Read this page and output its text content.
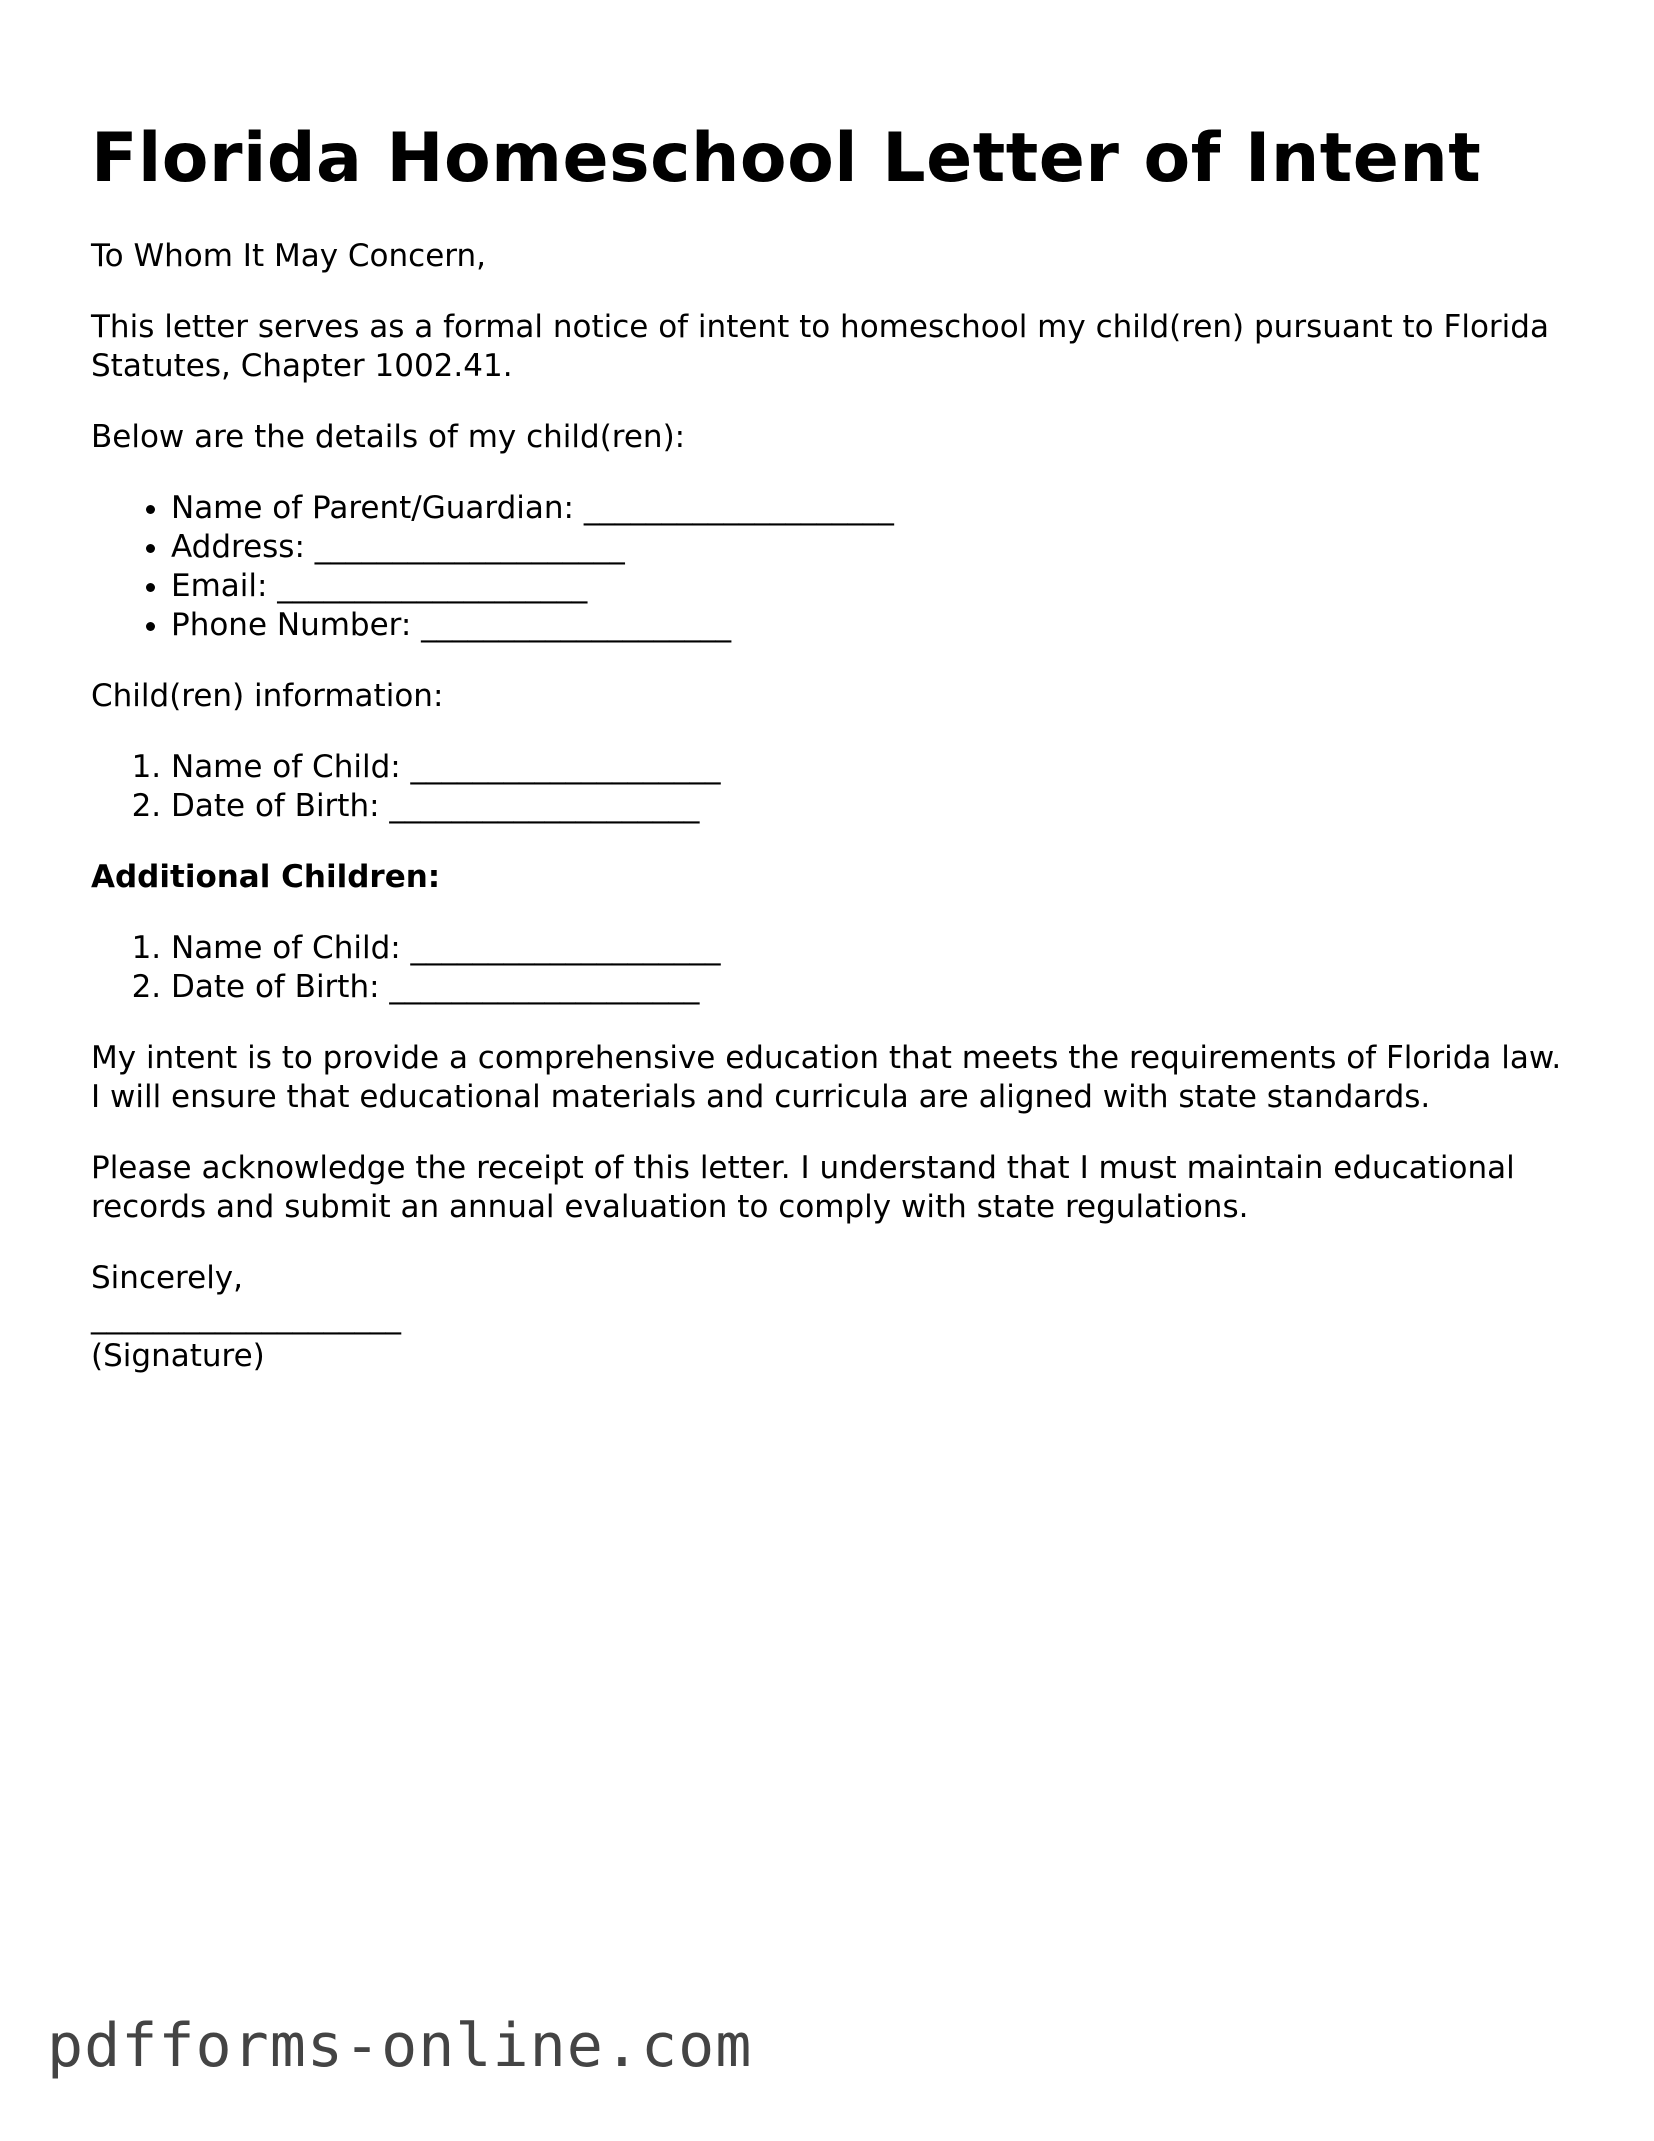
Florida Homeschool Letter of Intent

To Whom It May Concern,

This letter serves as a formal notice of intent to homeschool my child(ren) pursuant to Florida Statutes, Chapter 1002.41.

Below are the details of my child(ren):

• Name of Parent/Guardian: ____________________
• Address: ____________________
• Email: ____________________
• Phone Number: ____________________

Child(ren) information:

1. Name of Child: ____________________
2. Date of Birth: ____________________

Additional Children:

1. Name of Child: ____________________
2. Date of Birth: ____________________

My intent is to provide a comprehensive education that meets the requirements of Florida law. I will ensure that educational materials and curricula are aligned with state standards.

Please acknowledge the receipt of this letter. I understand that I must maintain educational records and submit an annual evaluation to comply with state regulations.

Sincerely,

____________________

(Signature)

pdfforms-online.com
